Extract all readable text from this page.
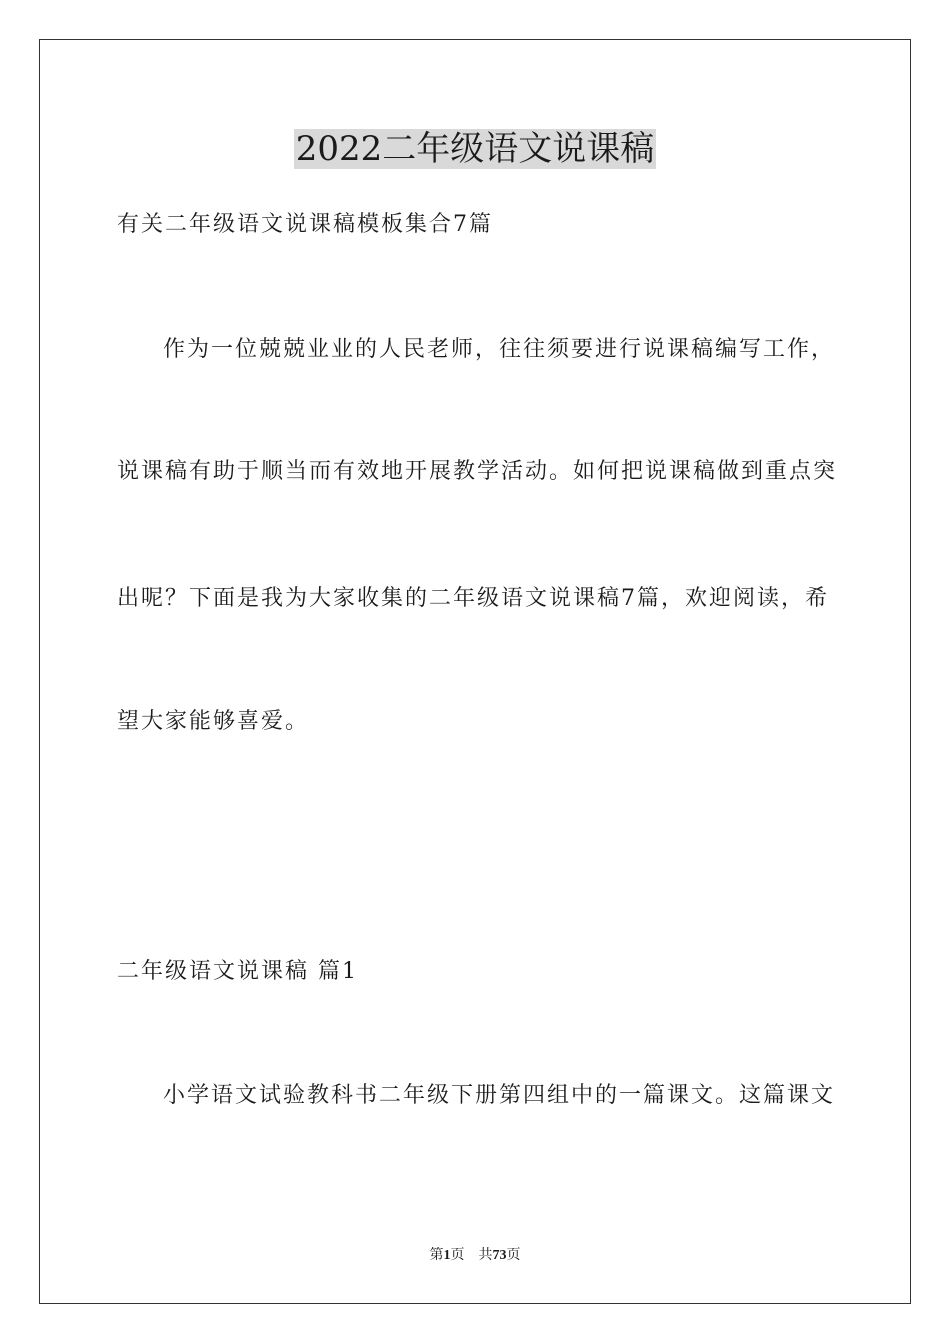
2022二年级语文说课稿

有关二年级语文说课稿模板集合7篇

作为一位兢兢业业的人民老师，往往须要进行说课稿编写工作，

说课稿有助于顺当而有效地开展教学活动。如何把说课稿做到重点突

出呢？下面是我为大家收集的二年级语文说课稿7篇，欢迎阅读，希

望大家能够喜爱。

二年级语文说课稿 篇1

小学语文试验教科书二年级下册第四组中的一篇课文。这篇课文

第1页 共73页
